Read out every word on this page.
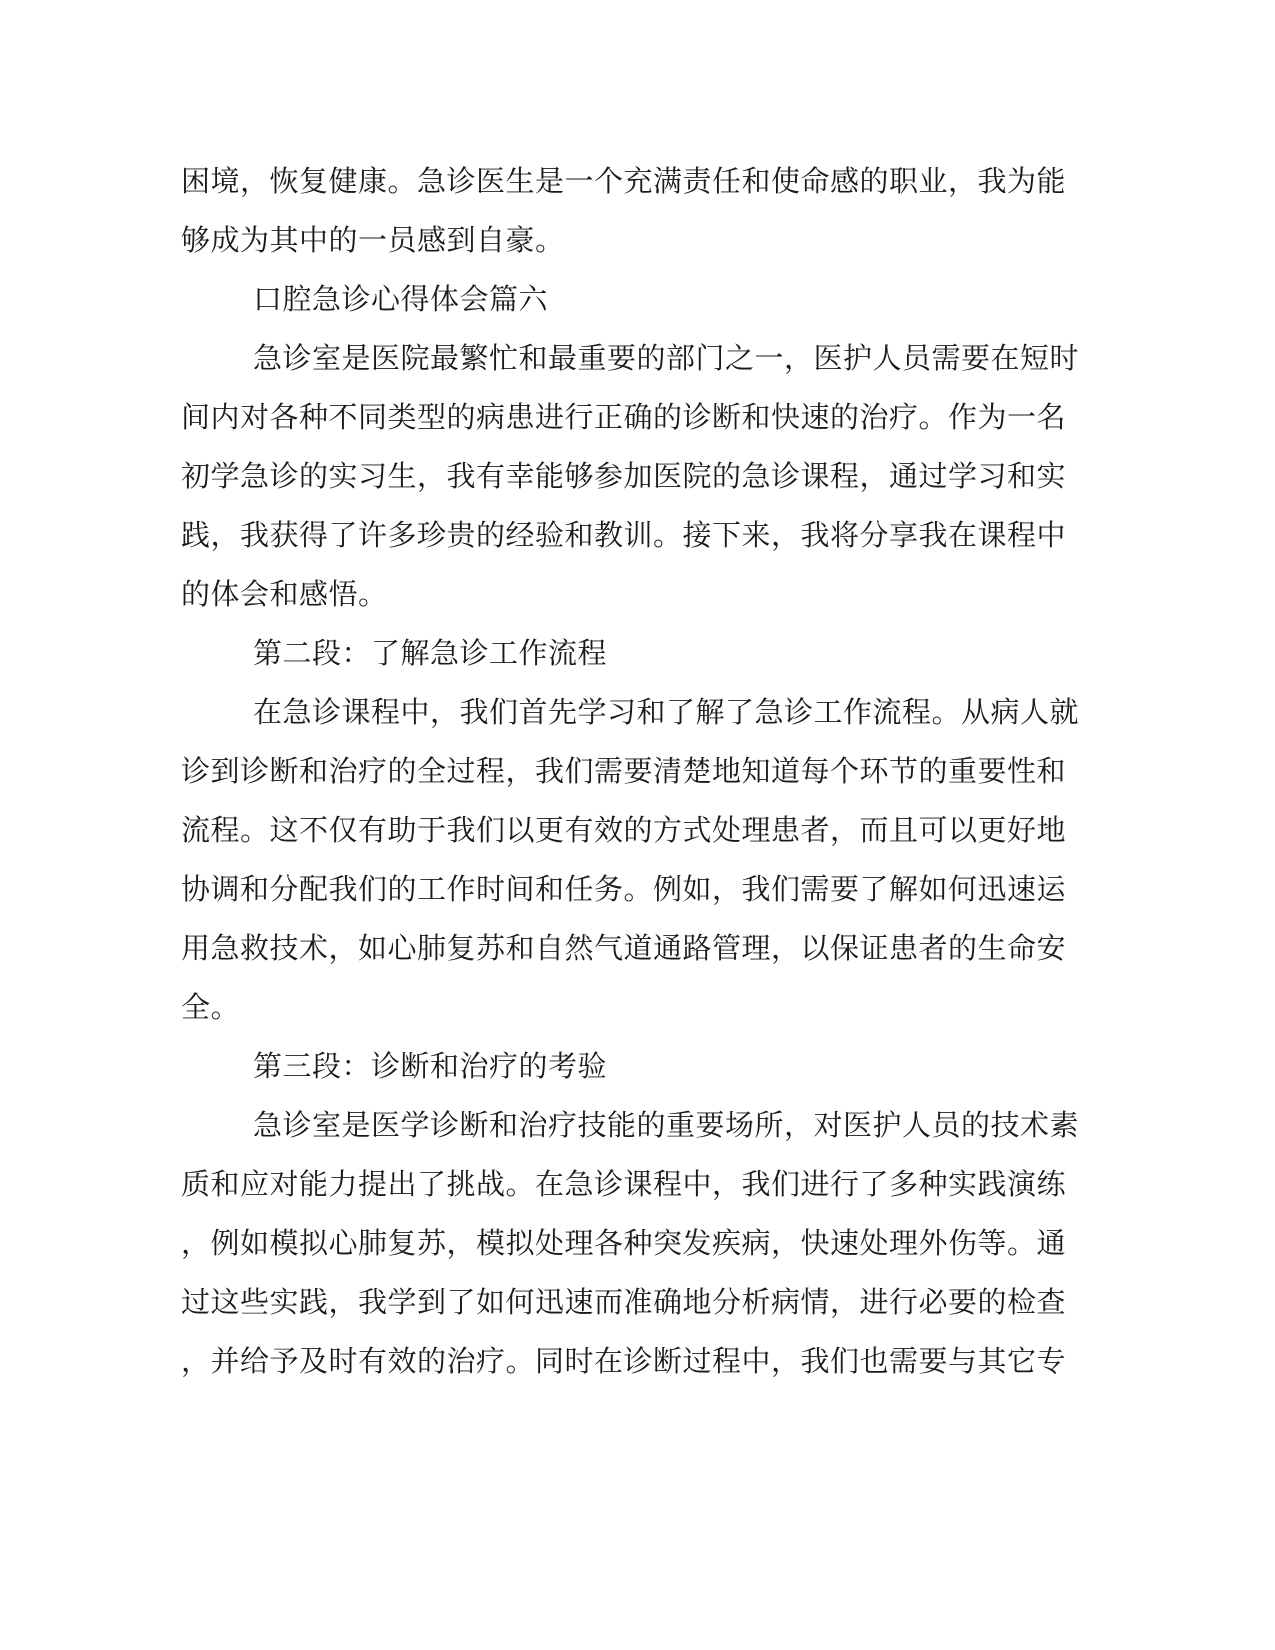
困境，恢复健康。急诊医生是一个充满责任和使命感的职业，我为能

够成为其中的一员感到自豪。

口腔急诊心得体会篇六

急诊室是医院最繁忙和最重要的部门之一，医护人员需要在短时

间内对各种不同类型的病患进行正确的诊断和快速的治疗。作为一名

初学急诊的实习生，我有幸能够参加医院的急诊课程，通过学习和实

践，我获得了许多珍贵的经验和教训。接下来，我将分享我在课程中

的体会和感悟。

第二段：了解急诊工作流程

在急诊课程中，我们首先学习和了解了急诊工作流程。从病人就

诊到诊断和治疗的全过程，我们需要清楚地知道每个环节的重要性和

流程。这不仅有助于我们以更有效的方式处理患者，而且可以更好地

协调和分配我们的工作时间和任务。例如，我们需要了解如何迅速运

用急救技术，如心肺复苏和自然气道通路管理，以保证患者的生命安

全。

第三段：诊断和治疗的考验

急诊室是医学诊断和治疗技能的重要场所，对医护人员的技术素

质和应对能力提出了挑战。在急诊课程中，我们进行了多种实践演练

，例如模拟心肺复苏，模拟处理各种突发疾病，快速处理外伤等。通

过这些实践，我学到了如何迅速而准确地分析病情，进行必要的检查

，并给予及时有效的治疗。同时在诊断过程中，我们也需要与其它专
